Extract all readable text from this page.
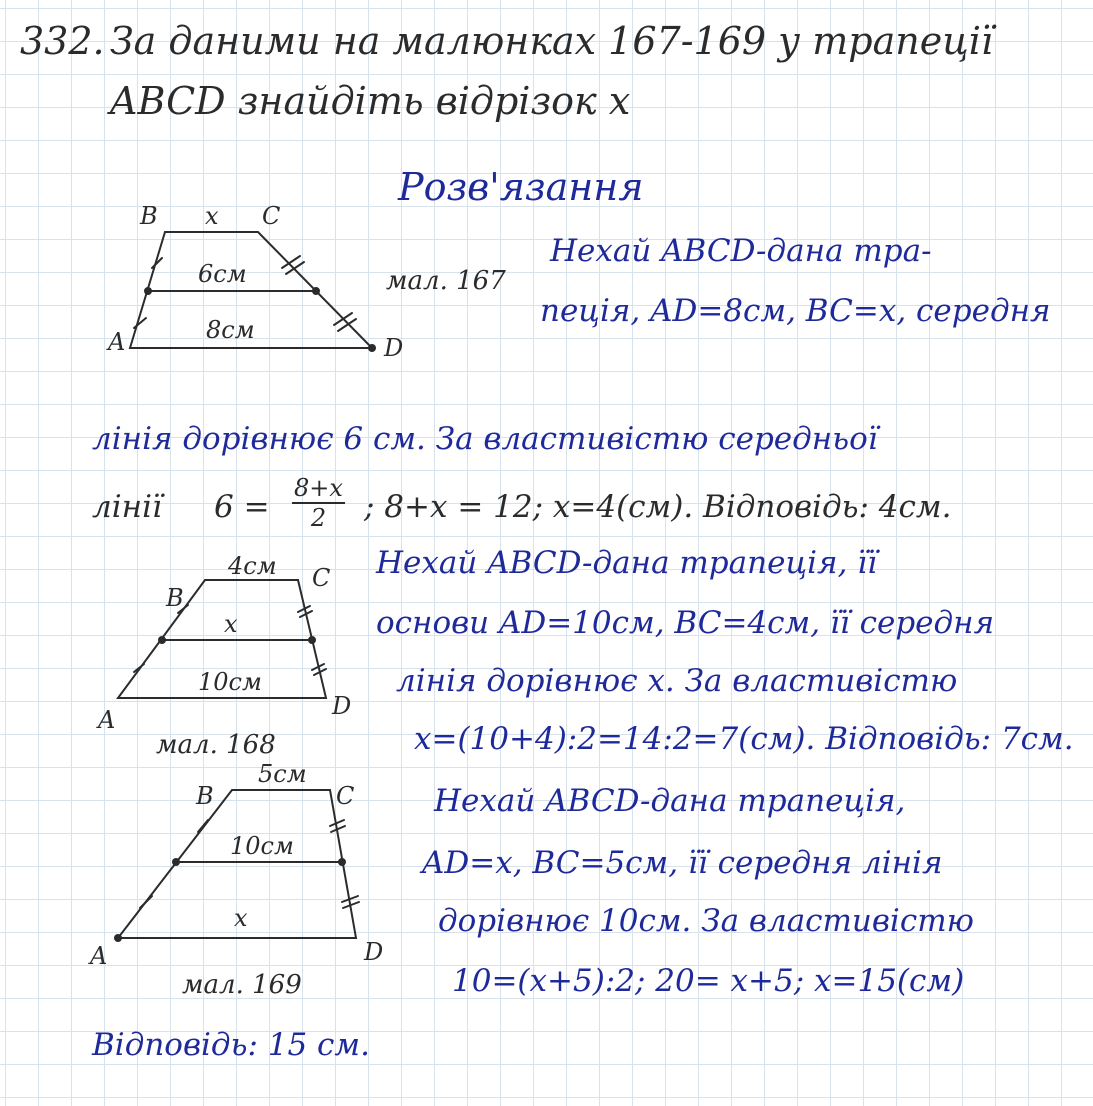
332. За даними на малюнках 167-169 у трапеції
ABCD знайдіть відрізок x
Розв'язання
B x C
6см
A	8см
D
мал. 167
Нехай ABCD-дана тра-
пеція, AD=8см, BC=x, середня
лінія дорівнює 6 см. За властивістю середньої
лінії $6 = \frac{8+x}{2}$ ; 8+x = 12; x=4(см). Відповідь: 4см.
4см C
B
x
10см
A	D
мал. 168
Нехай ABCD-дана трапеція, її
основи AD=10см, BC=4см, її середня
лінія дорівнює x. За властивістю
x=(10+4):2=14:2=7(см). Відповідь: 7см.
5см
B	C
10см
x
A	D
мал. 169
Нехай ABCD-дана трапеція,
AD=x, BC=5см, її середня лінія
дорівнює 10см. За властивістю
10=(x+5):2; 20= x+5; x=15(см)
Відповідь: 15 см.
